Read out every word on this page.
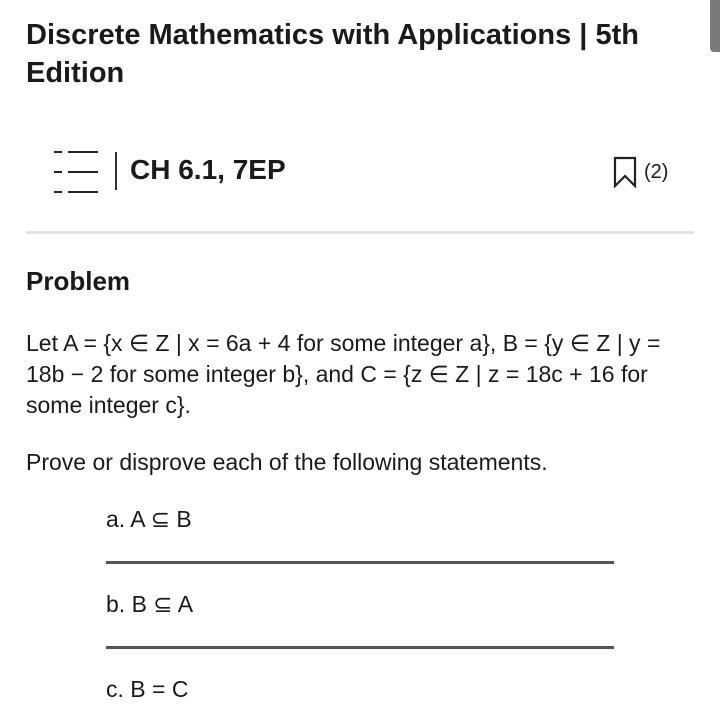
Discrete Mathematics with Applications | 5th Edition
CH 6.1, 7EP	(2)
Problem
Let A = {x ∈ Z | x = 6a + 4 for some integer a}, B = {y ∈ Z | y = 18b − 2 for some integer b}, and C = {z ∈ Z | z = 18c + 16 for some integer c}.
Prove or disprove each of the following statements.
a. A ⊆ B
b. B ⊆ A
c. B = C
